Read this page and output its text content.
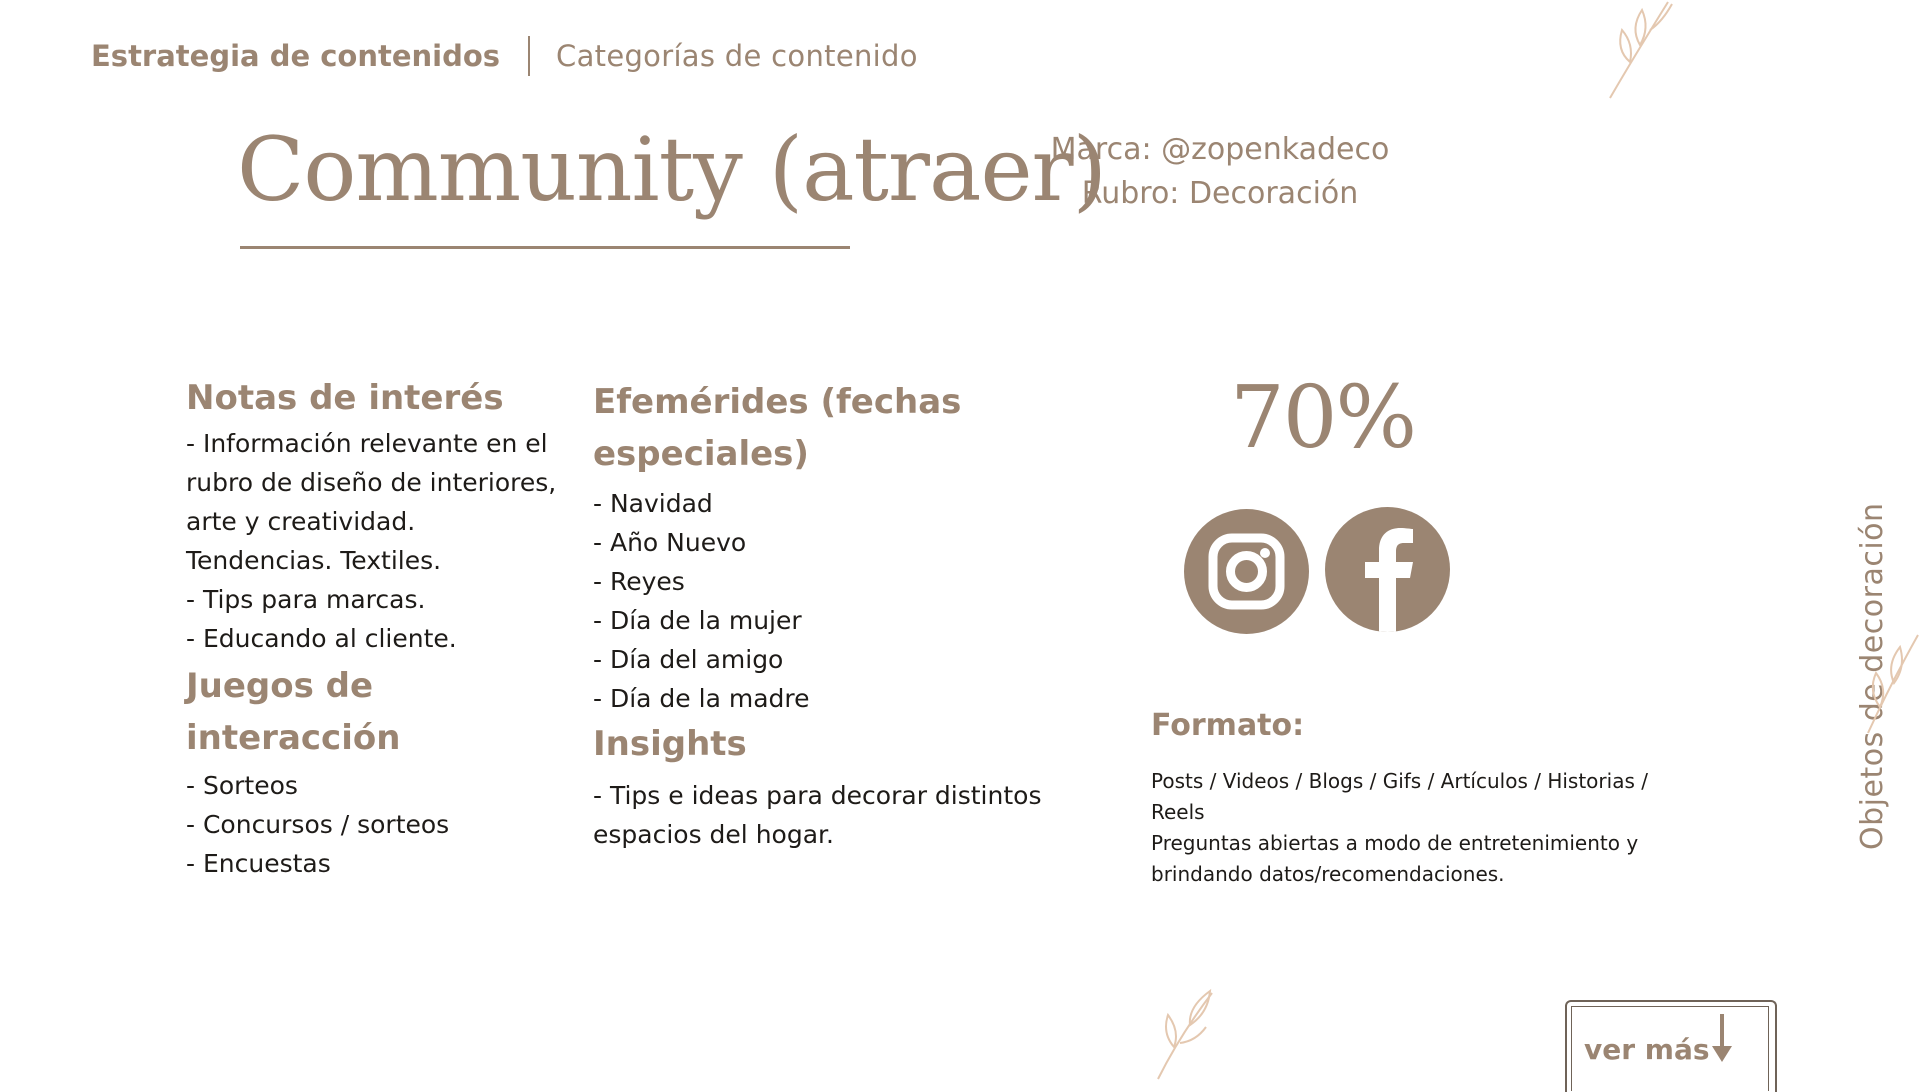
Estrategia de contenidos Categorías de contenido
Community (atraer)
Marca: @zopenkadeco
Rubro: Decoración
Notas de interés
- Información relevante en el rubro de diseño de interiores, arte y creatividad. Tendencias. Textiles.
- Tips para marcas.
- Educando al cliente.
Juegos de interacción
- Sorteos
- Concursos / sorteos
- Encuestas
Efemérides (fechas especiales)
- Navidad
- Año Nuevo
- Reyes
- Día de la mujer
- Día del amigo
- Día de la madre
Insights
- Tips e ideas para decorar distintos espacios del hogar.
70%
Formato:
Posts / Videos / Blogs / Gifs / Artículos / Historias / Reels
Preguntas abiertas a modo de entretenimiento y brindando datos/recomendaciones.
Objetos de decoración
ver más
